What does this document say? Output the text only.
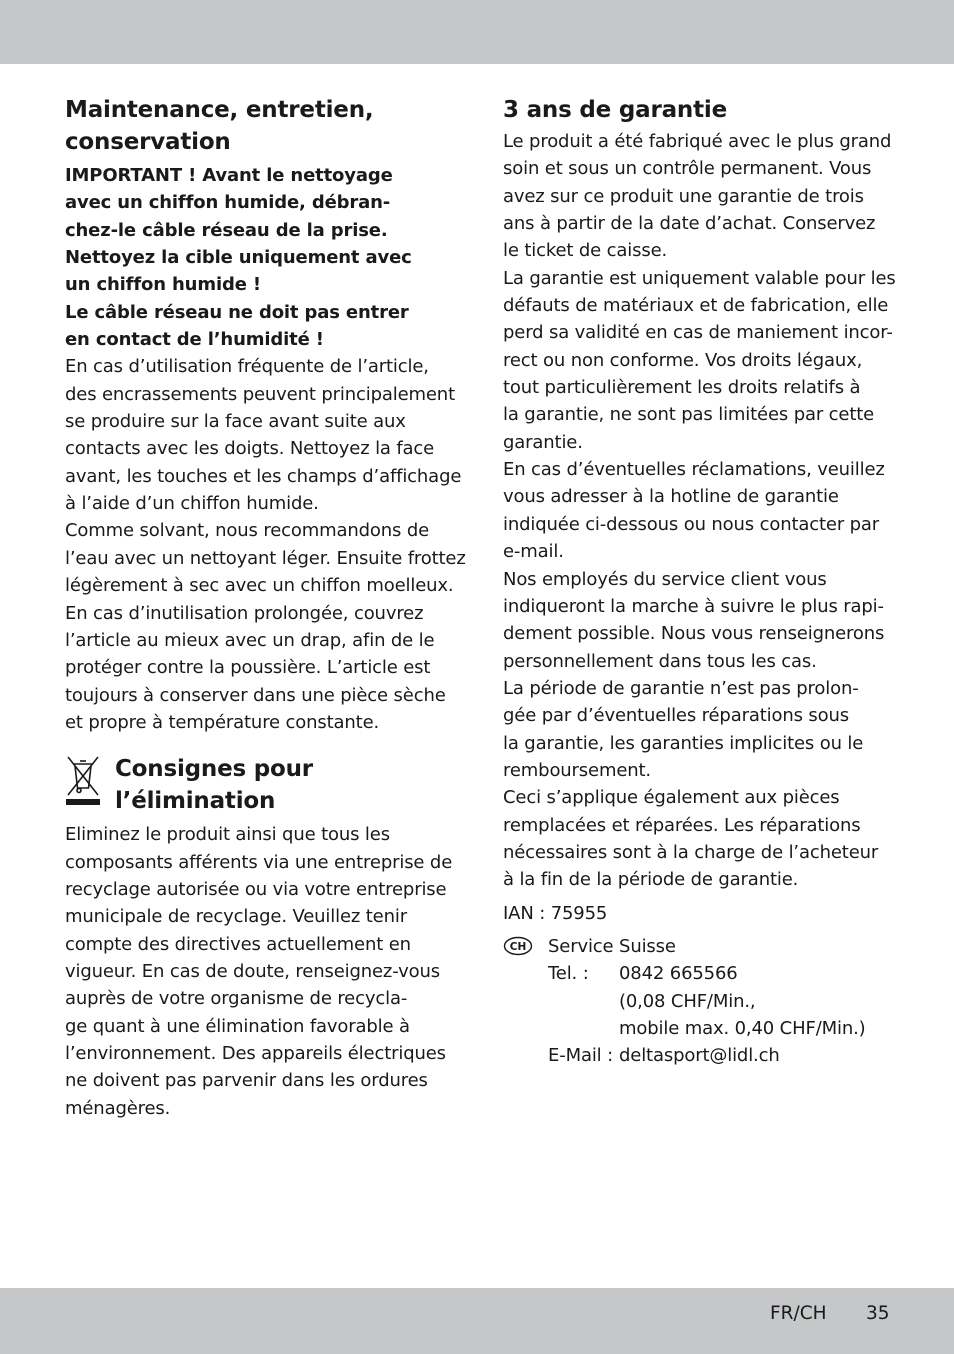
Maintenance, entretien,
conservation
IMPORTANT ! Avant le nettoyage
avec un chiffon humide, débran-
chez-le câble réseau de la prise.
Nettoyez la cible uniquement avec
un chiffon humide !
Le câble réseau ne doit pas entrer
en contact de l’humidité !
En cas d’utilisation fréquente de l’article,
des encrassements peuvent principalement
se produire sur la face avant suite aux
contacts avec les doigts. Nettoyez la face
avant, les touches et les champs d’affichage
à l’aide d’un chiffon humide.
Comme solvant, nous recommandons de
l’eau avec un nettoyant léger. Ensuite frottez
légèrement à sec avec un chiffon moelleux.
En cas d’inutilisation prolongée, couvrez
l’article au mieux avec un drap, afin de le
protéger contre la poussière. L’article est
toujours à conserver dans une pièce sèche
et propre à température constante.
Consignes pour
l’élimination
Eliminez le produit ainsi que tous les
composants afférents via une entreprise de
recyclage autorisée ou via votre entreprise
municipale de recyclage. Veuillez tenir
compte des directives actuellement en
vigueur. En cas de doute, renseignez-vous
auprès de votre organisme de recycla-
ge quant à une élimination favorable à
l’environnement. Des appareils électriques
ne doivent pas parvenir dans les ordures
ménagères.
3 ans de garantie
Le produit a été fabriqué avec le plus grand
soin et sous un contrôle permanent. Vous
avez sur ce produit une garantie de trois
ans à partir de la date d’achat. Conservez
le ticket de caisse.
La garantie est uniquement valable pour les
défauts de matériaux et de fabrication, elle
perd sa validité en cas de maniement incor-
rect ou non conforme. Vos droits légaux,
tout particulièrement les droits relatifs à
la garantie, ne sont pas limitées par cette
garantie.
En cas d’éventuelles réclamations, veuillez
vous adresser à la hotline de garantie
indiquée ci-dessous ou nous contacter par
e-mail.
Nos employés du service client vous
indiqueront la marche à suivre le plus rapi-
dement possible. Nous vous renseignerons
personnellement dans tous les cas.
La période de garantie n’est pas prolon-
gée par d’éventuelles réparations sous
la garantie, les garanties implicites ou le
remboursement.
Ceci s’applique également aux pièces
remplacées et réparées. Les réparations
nécessaires sont à la charge de l’acheteur
à la fin de la période de garantie.
IAN : 75955
CH Service Suisse
Tel. :	0842 665566
(0,08 CHF/Min.,
mobile max. 0,40 CHF/Min.)
E-Mail : deltasport@lidl.ch
FR/CH 35
